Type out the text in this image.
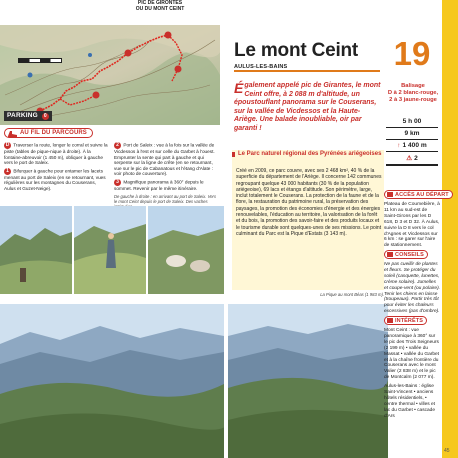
PIC DE GIRONTES
OU DU MONT CEINT
PARKING 0
AU FIL DU PARCOURS
D Traverser la route, longer le corral et suivre la piste (tables de pique-nique à droite). À la fontaine-abreuvoir (1 450 m), obliquer à gauche vers le port de Saleix.
1 Bifurquer à gauche pour entamer les lacets menant au port de Saleix (en se retournant, vues régulières sur les montagnes du Couserans, Aulus et Guzet-Neige).
2 Port de Saleix : vue à la fois sur la vallée de Vicdessos à l'est et sur celle du Garbet à l'ouest. Emprunter la sente qui part à gauche et qui serpente sur la ligne de crête (en se retournant, vue sur le pic de Cabanatous et l'étang d'Alate : voir photo de couverture).
3 Magnifique panorama à 360° depuis le sommet. Revenir par le même itinéraire.
De gauche à droite : en arrivant au port de Saleix. Vers le mont Ceint depuis le port de Saleix. Des vaches
Le mont Ceint
AULUS-LES-BAINS
É galement appelé pic de Girantes, le mont Ceint offre, à 2 088 m d'altitude, un époustouflant panorama sur le Couserans, sur la vallée de Vicdessos et la Haute-Ariège. Une balade inoubliable, oir par garanti !
Le Parc naturel régional des Pyrénées ariégeoises
Créé en 2009, ce parc couvre, avec ses 2 468 km², 40 % de la superficie du département de l'Ariège. Il concerne 142 communes regroupant quelque 43 000 habitants (30 % de la population ariégeoise), 69 lacs et étangs d'altitude. Son périmètre, large, inclut totalement le Couserans. La protection de la faune et de la flore, la restauration du patrimoine rural, la préservation des paysages, la promotion des économies d'énergie et des énergies renouvelables, l'éducation au territoire, la valorisation de la forêt et du bois, la promotion des savoir-faire et des produits locaux et le tourisme durable sont quelques-unes de ses missions. Le point culminant du Parc est la Pique d'Estats (3 143 m).
La Pique au mont Béas (1 983 m).
19
Balisage
D à 2 blanc-rouge,
2 à 3 jaune-rouge
5 h 00
9 km
↑ 1 400 m
⚠ 2
ACCÈS AU DÉPART
Plateau de Coumebière, à 11 km au sud-est de Saint-Girons par les D 618, D 3 et D 32. À Aulus, suivre la D 8 vers le col d'Agnes et Vicdessos sur 6 km : se garer sur l'aire de stationnement.
CONSEILS
Ne pas cueillir de plantes et fleurs. Se protéger du soleil (casquette, lunettes, crème solaire). Jumelles et coupe-vent (ou polaire). Tenir les chiens en laisse (troupeaux). Partir très tôt pour éviter les chaleurs excessives (pas d'ombre).
INTÉRÊTS
Mont Ceint : vue panoramique à 360° sur le pic des Trois Seigneurs (2 199 m) • vallée du Massat • vallée du Garbet et à la chaîne frontière du Couserans avec le mont Valier (2 838 m) et le pic de Montcalm (2 077 m).
Aulus-les-Bains : église Saint-Vincent • anciens hôtels résidentiels, • centre thermal • villes et lac du Garbet • cascade d'Ars
45
